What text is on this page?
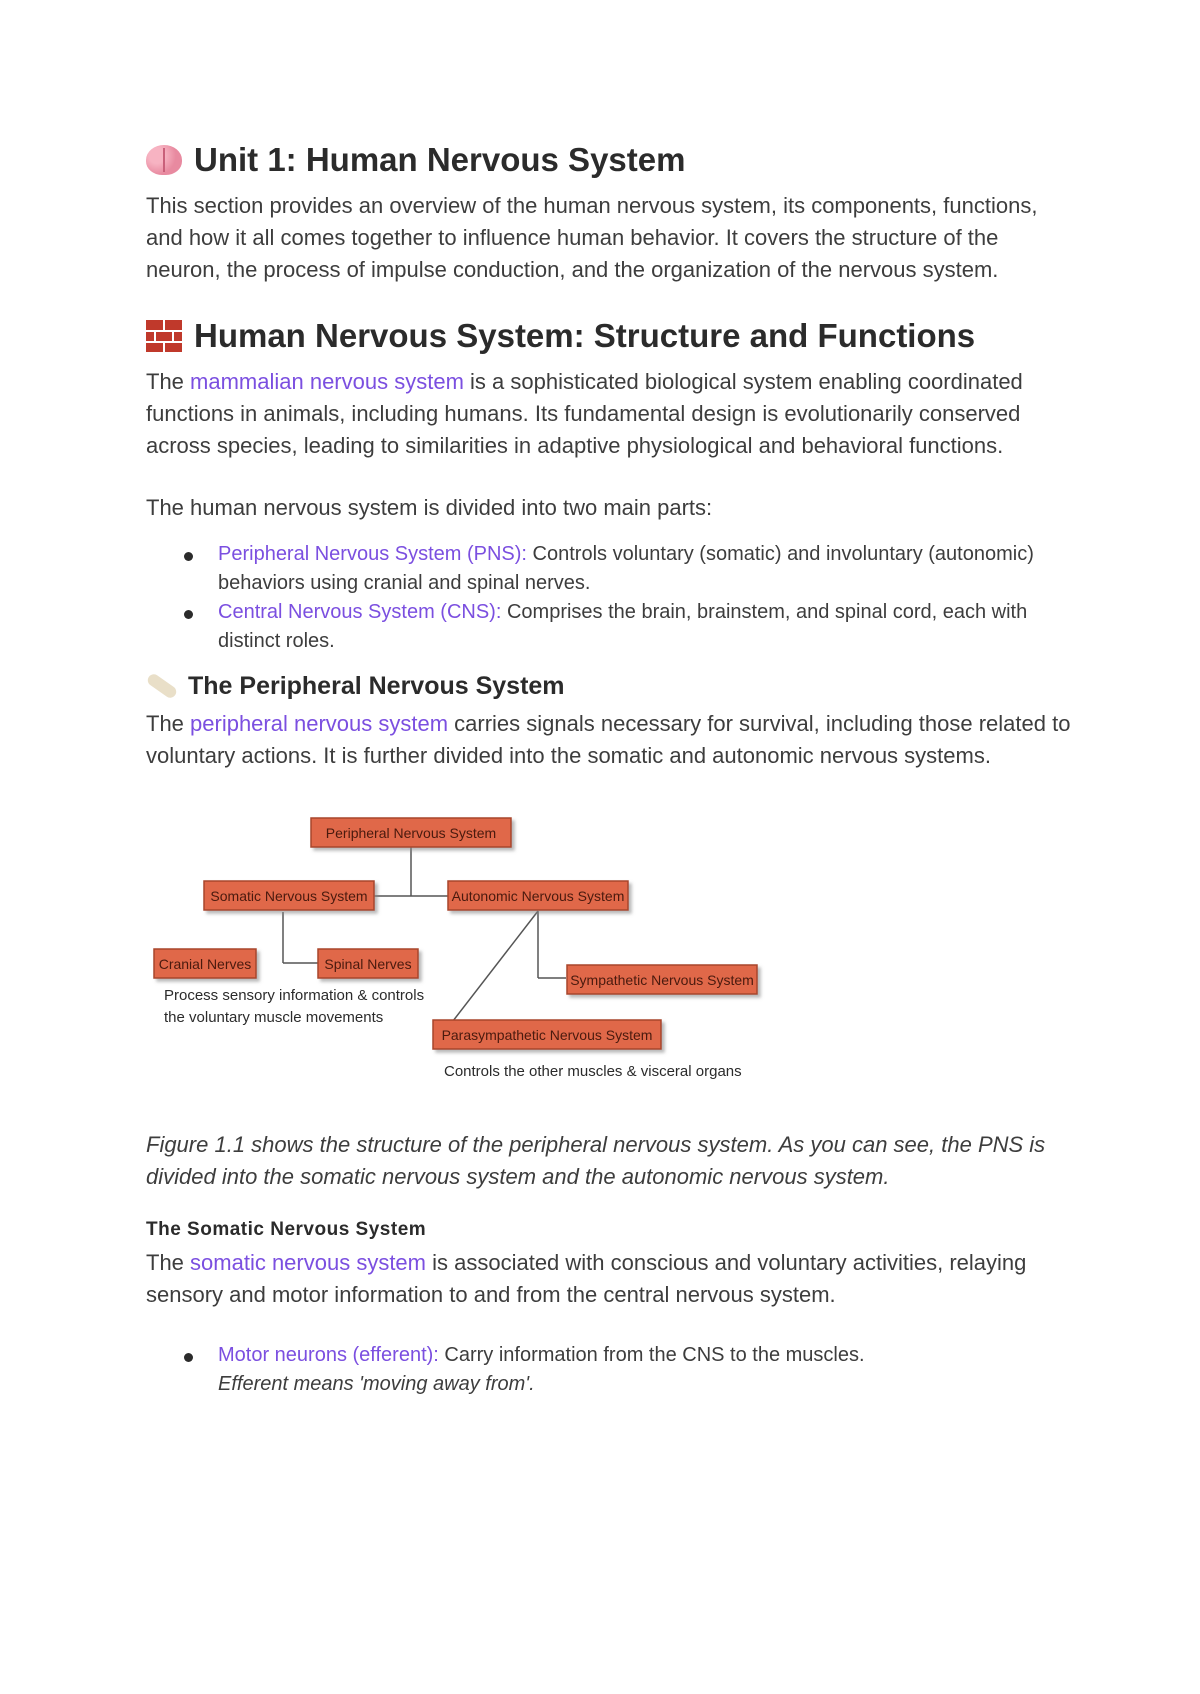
Unit 1: Human Nervous System

This section provides an overview of the human nervous system, its components, functions, and how it all comes together to influence human behavior. It covers the structure of the neuron, the process of impulse conduction, and the organization of the nervous system.

Human Nervous System: Structure and Functions

The mammalian nervous system is a sophisticated biological system enabling coordinated functions in animals, including humans. Its fundamental design is evolutionarily conserved across species, leading to similarities in adaptive physiological and behavioral functions.

The human nervous system is divided into two main parts:

Peripheral Nervous System (PNS): Controls voluntary (somatic) and involuntary (autonomic) behaviors using cranial and spinal nerves.
Central Nervous System (CNS): Comprises the brain, brainstem, and spinal cord, each with distinct roles.
The Peripheral Nervous System

The peripheral nervous system carries signals necessary for survival, including those related to voluntary actions. It is further divided into the somatic and autonomic nervous systems.

Peripheral Nervous System
Somatic Nervous System	Autonomic Nervous System
Cranial Nerves	Spinal Nerves
Sympathetic Nervous System
Parasympathetic Nervous System
Process sensory information & controls
the voluntary muscle movements
Controls the other muscles & visceral organs

Figure 1.1 shows the structure of the peripheral nervous system. As you can see, the PNS is divided into the somatic nervous system and the autonomic nervous system.

The Somatic Nervous System

The somatic nervous system is associated with conscious and voluntary activities, relaying sensory and motor information to and from the central nervous system.

Motor neurons (efferent): Carry information from the CNS to the muscles.
Efferent means 'moving away from'.
